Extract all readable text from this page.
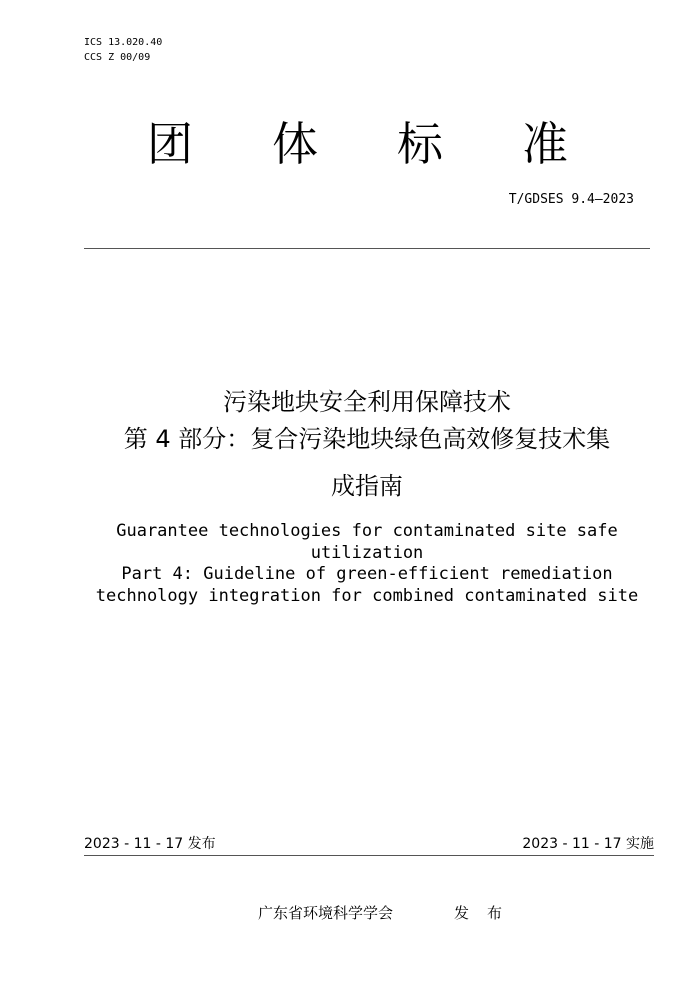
ICS 13.020.40
CCS Z 00/09
团 体 标 准
T/GDSES 9.4—2023
污染地块安全利用保障技术
第 4 部分：复合污染地块绿色高效修复技术集
成指南
Guarantee technologies for contaminated site safe
utilization
Part 4: Guideline of green-efficient remediation
technology integration for combined contaminated site
2023 - 11 - 17 发布	2023 - 11 - 17 实施
广东省环境科学学会	发布
